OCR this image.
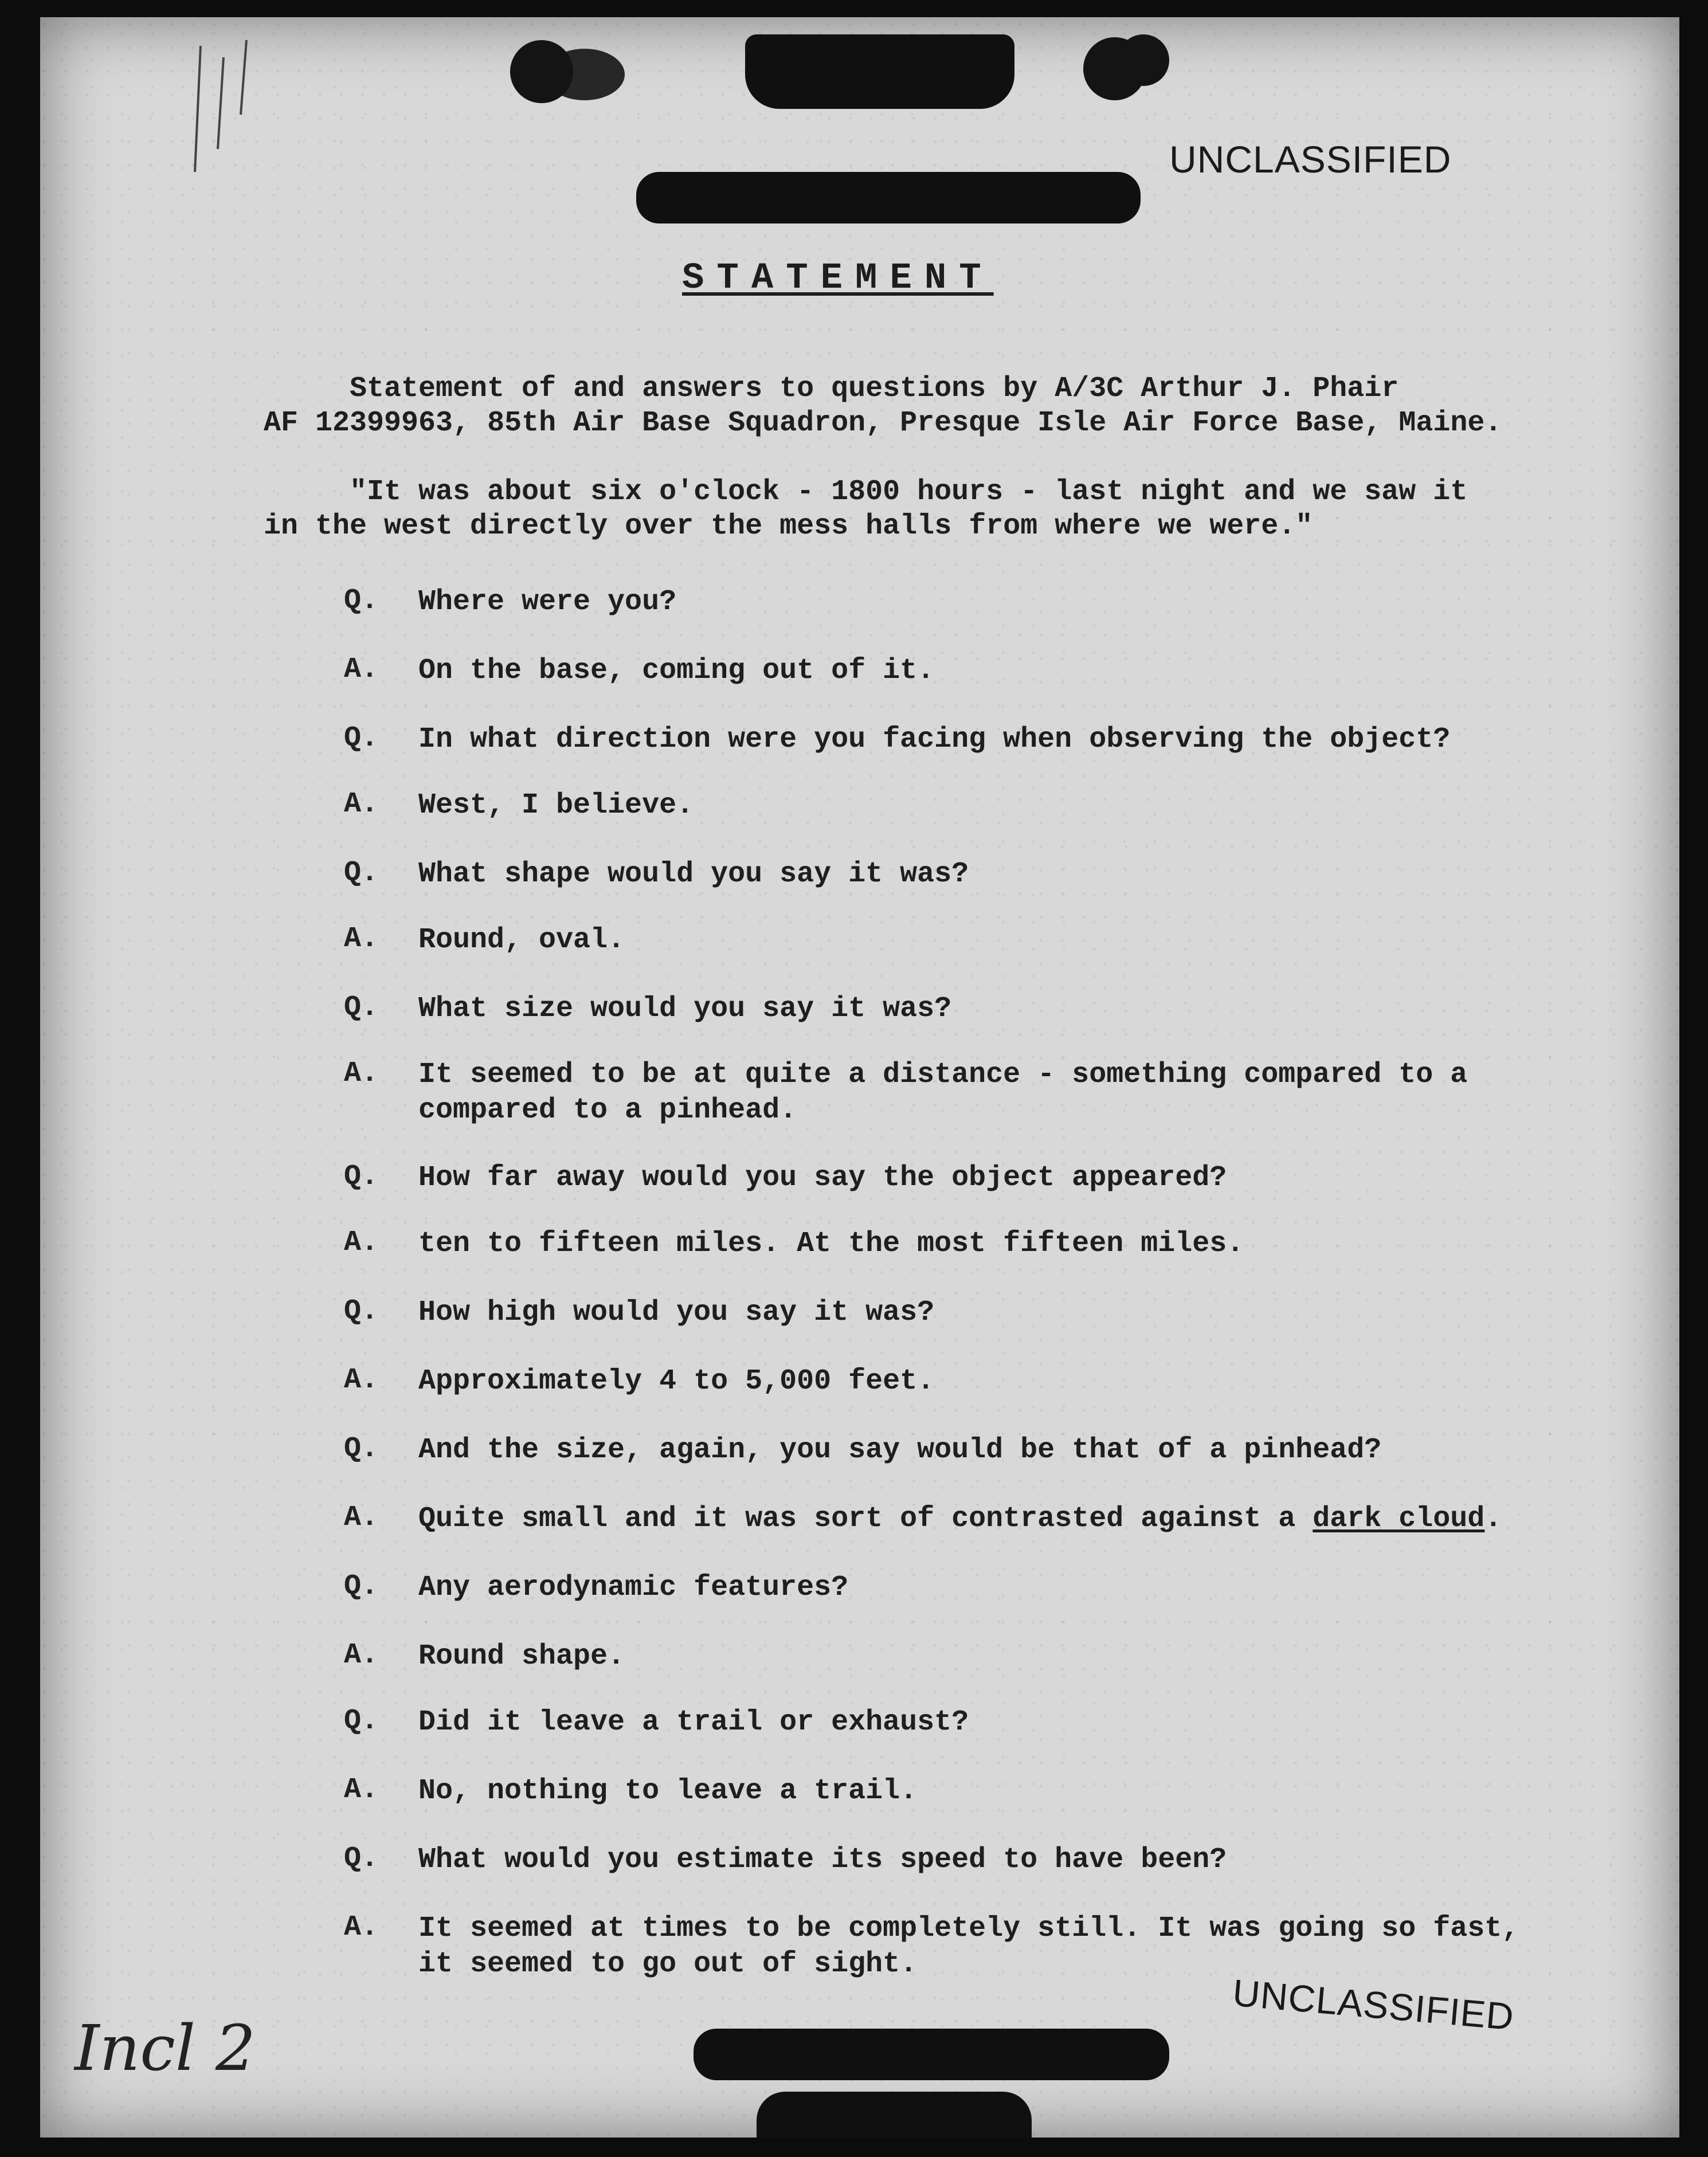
UNCLASSIFIED
STATEMENT
Statement of and answers to questions by A/3C Arthur J. Phair
AF 12399963, 85th Air Base Squadron, Presque Isle Air Force Base, Maine.
"It was about six o'clock - 1800 hours - last night and we saw it
in the west directly over the mess halls from where we were."
Q. Where were you?
A. On the base, coming out of it.
Q. In what direction were you facing when observing the object?
A. West, I believe.
Q. What shape would you say it was?
A. Round, oval.
Q. What size would you say it was?
A. It seemed to be at quite a distance - something compared to a compared to a pinhead.
Q. How far away would you say the object appeared?
A. ten to fifteen miles. At the most fifteen miles.
Q. How high would you say it was?
A. Approximately 4 to 5,000 feet.
Q. And the size, again, you say would be that of a pinhead?
A. Quite small and it was sort of contrasted against a dark cloud.
Q. Any aerodynamic features?
A. Round shape.
Q. Did it leave a trail or exhaust?
A. No, nothing to leave a trail.
Q. What would you estimate its speed to have been?
A. It seemed at times to be completely still. It was going so fast, it seemed to go out of sight.
UNCLASSIFIED
Incl 2
